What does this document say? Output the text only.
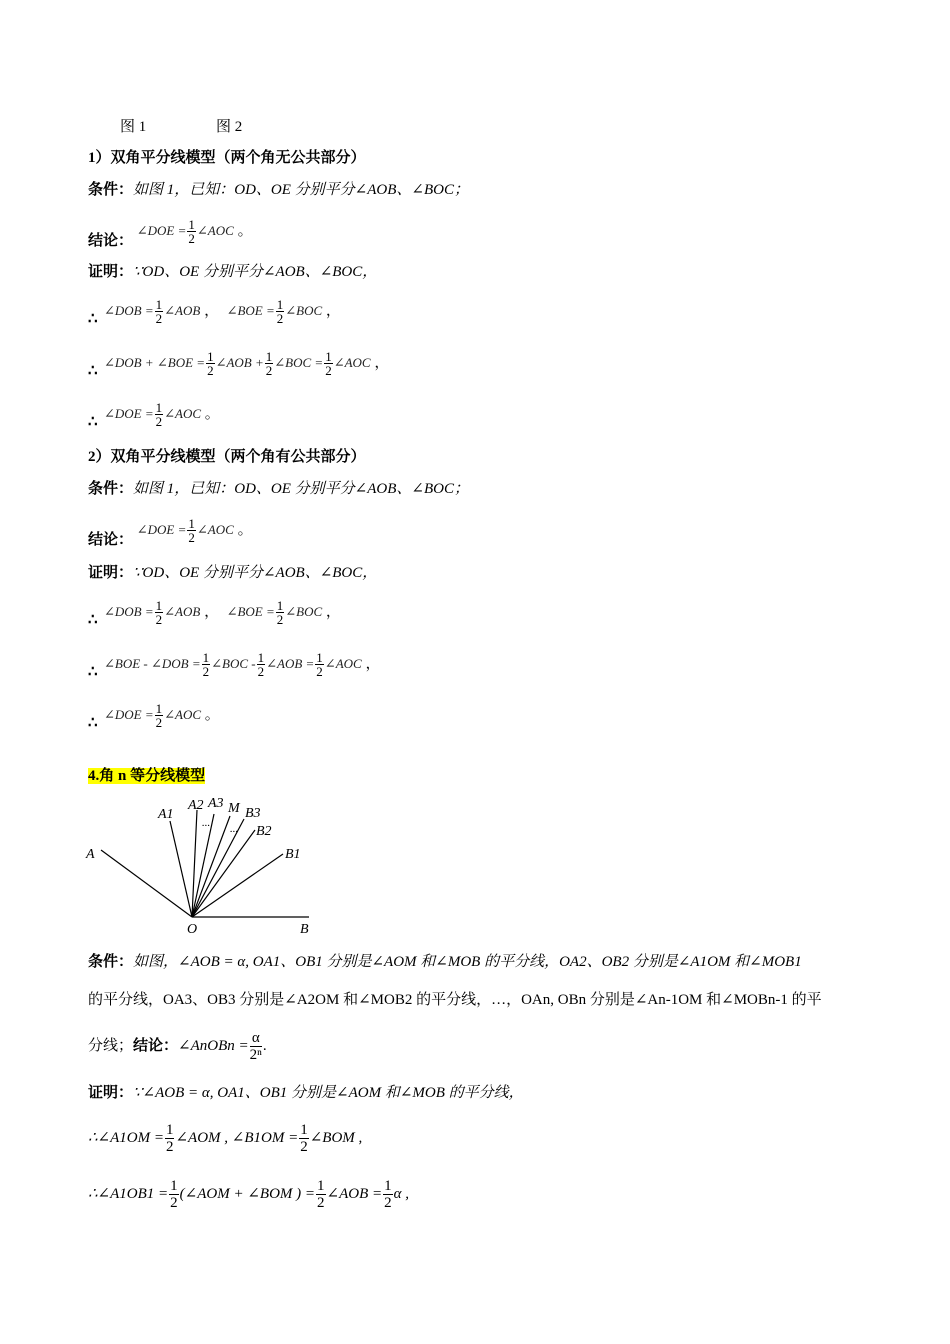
图 1	图 2
1）双角平分线模型（两个角无公共部分）
条件：如图 1，已知：OD、OE 分别平分∠AOB、∠BOC；
结论： ∠DOE = $\frac{1}{2}$ ∠AOC 。
证明：∵OD、OE 分别平分∠AOB、∠BOC，
∴∠DOB = $\frac{1}{2}$ ∠AOB ， ∠BOE = $\frac{1}{2}$ ∠BOC ，
∴∠DOB + ∠BOE = $\frac{1}{2}$ ∠AOB + $\frac{1}{2}$ ∠BOC = $\frac{1}{2}$ ∠AOC ，
∴∠DOE = $\frac{1}{2}$ ∠AOC 。
2）双角平分线模型（两个角有公共部分）
条件：如图 1，已知：OD、OE 分别平分∠AOB、∠BOC；
结论： ∠DOE = $\frac{1}{2}$ ∠AOC 。
证明：∵OD、OE 分别平分∠AOB、∠BOC，
∴∠DOB = $\frac{1}{2}$ ∠AOB ， ∠BOE = $\frac{1}{2}$ ∠BOC ，
∴∠BOE - ∠DOB = $\frac{1}{2}$ ∠BOC - $\frac{1}{2}$ ∠AOB = $\frac{1}{2}$ ∠AOC ，
∴∠DOE = $\frac{1}{2}$ ∠AOC 。
4.角 n 等分线模型
A
A1
A2 A3 M B3
B2
B1
B
O
... ...
条件：如图，∠AOB = α, OA1、OB1 分别是∠AOM 和∠MOB 的平分线，OA2、OB2 分别是∠A1OM 和∠MOB1
的平分线，OA3、OB3 分别是∠A2OM 和∠MOB2 的平分线，…，OAn, OBn 分别是∠An-1OM 和∠MOBn-1 的平
分线；结论：∠AnOBn = $\frac{\alpha}{\text{2ⁿ}}$ .
证明：∵∠AOB = α, OA1、OB1 分别是∠AOM 和∠MOB 的平分线，
∴∠A1OM = $\frac{1}{2}$ ∠AOM , ∠B1OM = $\frac{1}{2}$ ∠BOM ,
∴∠A1OB1 = $\frac{1}{2}$ (∠AOM + ∠BOM ) = $\frac{1}{2}$ ∠AOB = $\frac{1}{2}$ α ,
